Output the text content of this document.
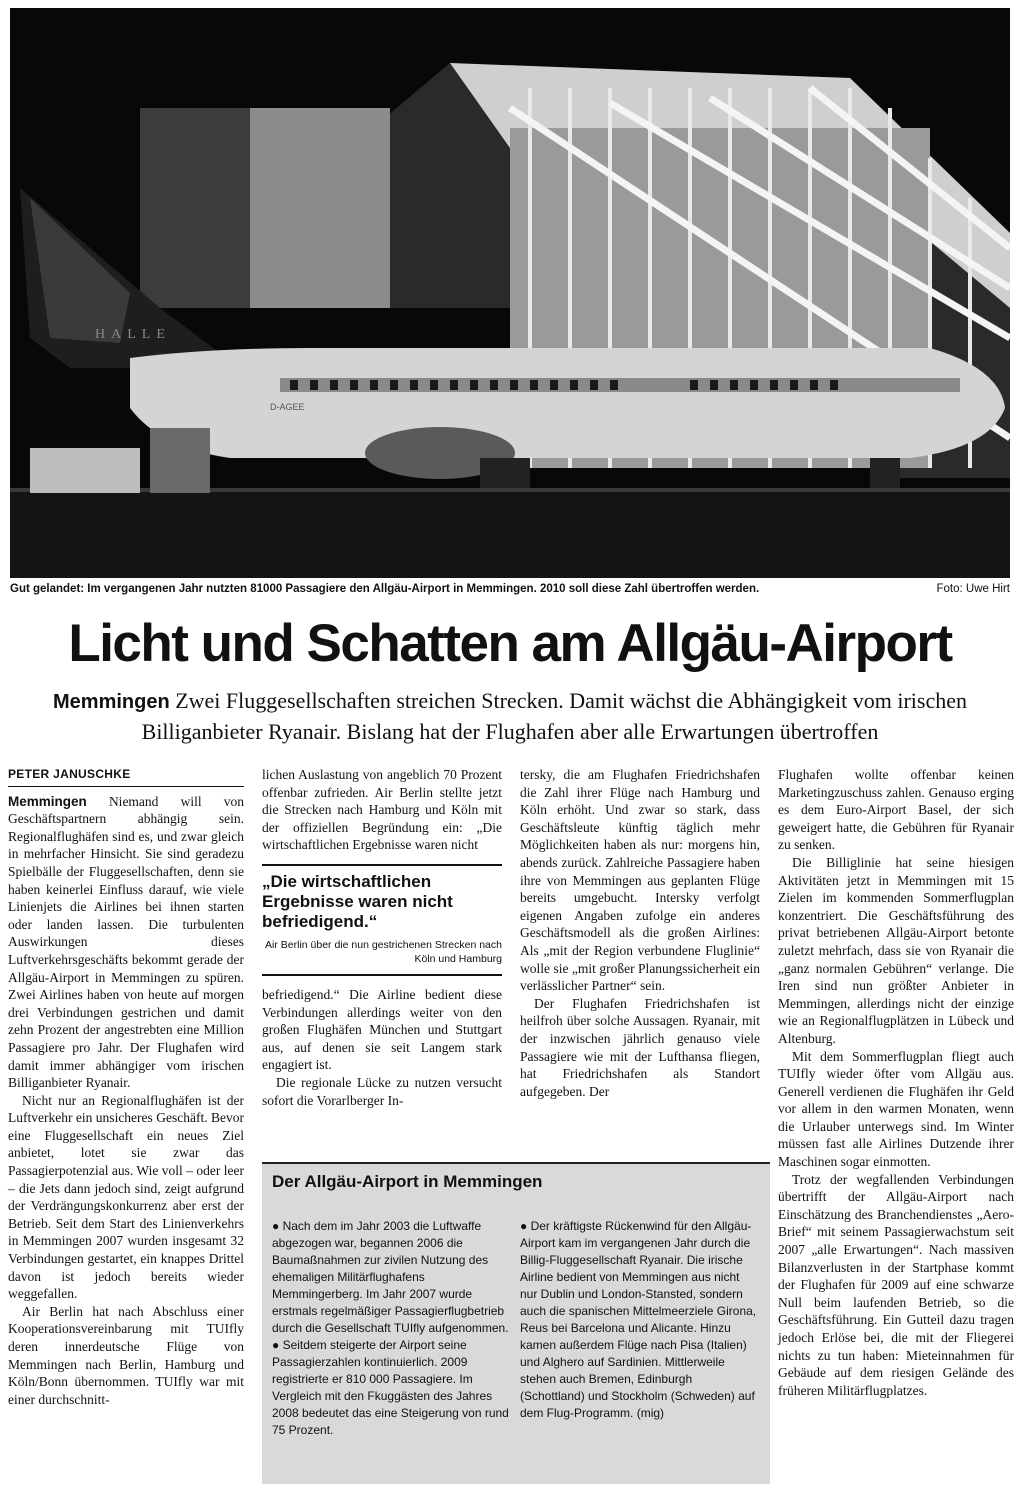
HALLE
D-AGEE
Gut gelandet: Im vergangenen Jahr nutzten 81000 Passagiere den Allgäu-Airport in Memmingen. 2010 soll diese Zahl übertroffen werden.	Foto: Uwe Hirt
Licht und Schatten am Allgäu-Airport
Memmingen Zwei Fluggesellschaften streichen Strecken. Damit wächst die Abhängigkeit vom irischen Billiganbieter Ryanair. Bislang hat der Flughafen aber alle Erwartungen übertroffen
PETER JANUSCHKE

Memmingen Niemand will von Geschäftspartnern abhängig sein. Regionalflughäfen sind es, und zwar gleich in mehrfacher Hinsicht. Sie sind geradezu Spielbälle der Fluggesellschaften, denn sie haben keinerlei Einfluss darauf, wie viele Linienjets die Airlines bei ihnen starten oder landen lassen. Die turbulenten Auswirkungen dieses Luftverkehrsgeschäfts bekommt gerade der Allgäu-Airport in Memmingen zu spüren. Zwei Airlines haben von heute auf morgen drei Verbindungen gestrichen und damit zehn Prozent der angestrebten eine Million Passagiere pro Jahr. Der Flughafen wird damit immer abhängiger vom irischen Billiganbieter Ryanair.

Nicht nur an Regionalflughäfen ist der Luftverkehr ein unsicheres Geschäft. Bevor eine Fluggesellschaft ein neues Ziel anbietet, lotet sie zwar das Passagierpotenzial aus. Wie voll – oder leer – die Jets dann jedoch sind, zeigt aufgrund der Verdrängungskonkurrenz aber erst der Betrieb. Seit dem Start des Linienverkehrs in Memmingen 2007 wurden insgesamt 32 Verbindungen gestartet, ein knappes Drittel davon ist jedoch bereits wieder weggefallen.

Air Berlin hat nach Abschluss einer Kooperationsvereinbarung mit TUIfly deren innerdeutsche Flüge von Memmingen nach Berlin, Hamburg und Köln/Bonn übernommen. TUIfly war mit einer durchschnitt-

lichen Auslastung von angeblich 70 Prozent offenbar zufrieden. Air Berlin stellte jetzt die Strecken nach Hamburg und Köln mit der offiziellen Begründung ein: „Die wirtschaftlichen Ergebnisse waren nicht

„Die wirtschaftlichen Ergebnisse waren nicht befriedigend.“
Air Berlin über die nun gestrichenen Strecken nach Köln und Hamburg

befriedigend.“ Die Airline bedient diese Verbindungen allerdings weiter von den großen Flughäfen München und Stuttgart aus, auf denen sie seit Langem stark engagiert ist.

Die regionale Lücke zu nutzen versucht sofort die Vorarlberger In-

tersky, die am Flughafen Friedrichshafen die Zahl ihrer Flüge nach Hamburg und Köln erhöht. Und zwar so stark, dass Geschäftsleute künftig täglich mehr Möglichkeiten haben als nur: morgens hin, abends zurück. Zahlreiche Passagiere haben ihre von Memmingen aus geplanten Flüge bereits umgebucht. Intersky verfolgt eigenen Angaben zufolge ein anderes Geschäftsmodell als die großen Airlines: Als „mit der Region verbundene Fluglinie“ wolle sie „mit großer Planungssicherheit ein verlässlicher Partner“ sein.

Der Flughafen Friedrichshafen ist heilfroh über solche Aussagen. Ryanair, mit der inzwischen jährlich genauso viele Passagiere wie mit der Lufthansa fliegen, hat Friedrichshafen als Standort aufgegeben. Der

Flughafen wollte offenbar keinen Marketingzuschuss zahlen. Genauso erging es dem Euro-Airport Basel, der sich geweigert hatte, die Gebühren für Ryanair zu senken.

Die Billiglinie hat seine hiesigen Aktivitäten jetzt in Memmingen mit 15 Zielen im kommenden Sommerflugplan konzentriert. Die Geschäftsführung des privat betriebenen Allgäu-Airport betonte zuletzt mehrfach, dass sie von Ryanair die „ganz normalen Gebühren“ verlange. Die Iren sind nun größter Anbieter in Memmingen, allerdings nicht der einzige wie an Regionalflugplätzen in Lübeck und Altenburg.

Mit dem Sommerflugplan fliegt auch TUIfly wieder öfter vom Allgäu aus. Generell verdienen die Flughäfen ihr Geld vor allem in den warmen Monaten, wenn die Urlauber unterwegs sind. Im Winter müssen fast alle Airlines Dutzende ihrer Maschinen sogar einmotten.

Trotz der wegfallenden Verbindungen übertrifft der Allgäu-Airport nach Einschätzung des Branchendienstes „Aero-Brief“ mit seinem Passagierwachstum seit 2007 „alle Erwartungen“. Nach massiven Bilanzverlusten in der Startphase kommt der Flughafen für 2009 auf eine schwarze Null beim laufenden Betrieb, so die Geschäftsführung. Ein Gutteil dazu tragen jedoch Erlöse bei, die mit der Fliegerei nichts zu tun haben: Mieteinnahmen für Gebäude auf dem riesigen Gelände des früheren Militärflugplatzes.

Der Allgäu-Airport in Memmingen

● Nach dem im Jahr 2003 die Luftwaffe abgezogen war, begannen 2006 die Baumaßnahmen zur zivilen Nutzung des ehemaligen Militärflughafens Memmingerberg. Im Jahr 2007 wurde erstmals regelmäßiger Passagierflugbetrieb durch die Gesellschaft TUIfly aufgenommen.

● Seitdem steigerte der Airport seine Passagierzahlen kontinuierlich. 2009 registrierte er 810 000 Passagiere. Im Vergleich mit den Fkuggästen des Jahres 2008 bedeutet das eine Steigerung von rund 75 Prozent.

● Der kräftigste Rückenwind für den Allgäu-Airport kam im vergangenen Jahr durch die Billig-Fluggesellschaft Ryanair. Die irische Airline bedient von Memmingen aus nicht nur Dublin und London-Stansted, sondern auch die spanischen Mittelmeerziele Girona, Reus bei Barcelona und Alicante. Hinzu kamen außerdem Flüge nach Pisa (Italien) und Alghero auf Sardinien. Mittlerweile stehen auch Bremen, Edinburgh (Schottland) und Stockholm (Schweden) auf dem Flug-Programm. (mig)
